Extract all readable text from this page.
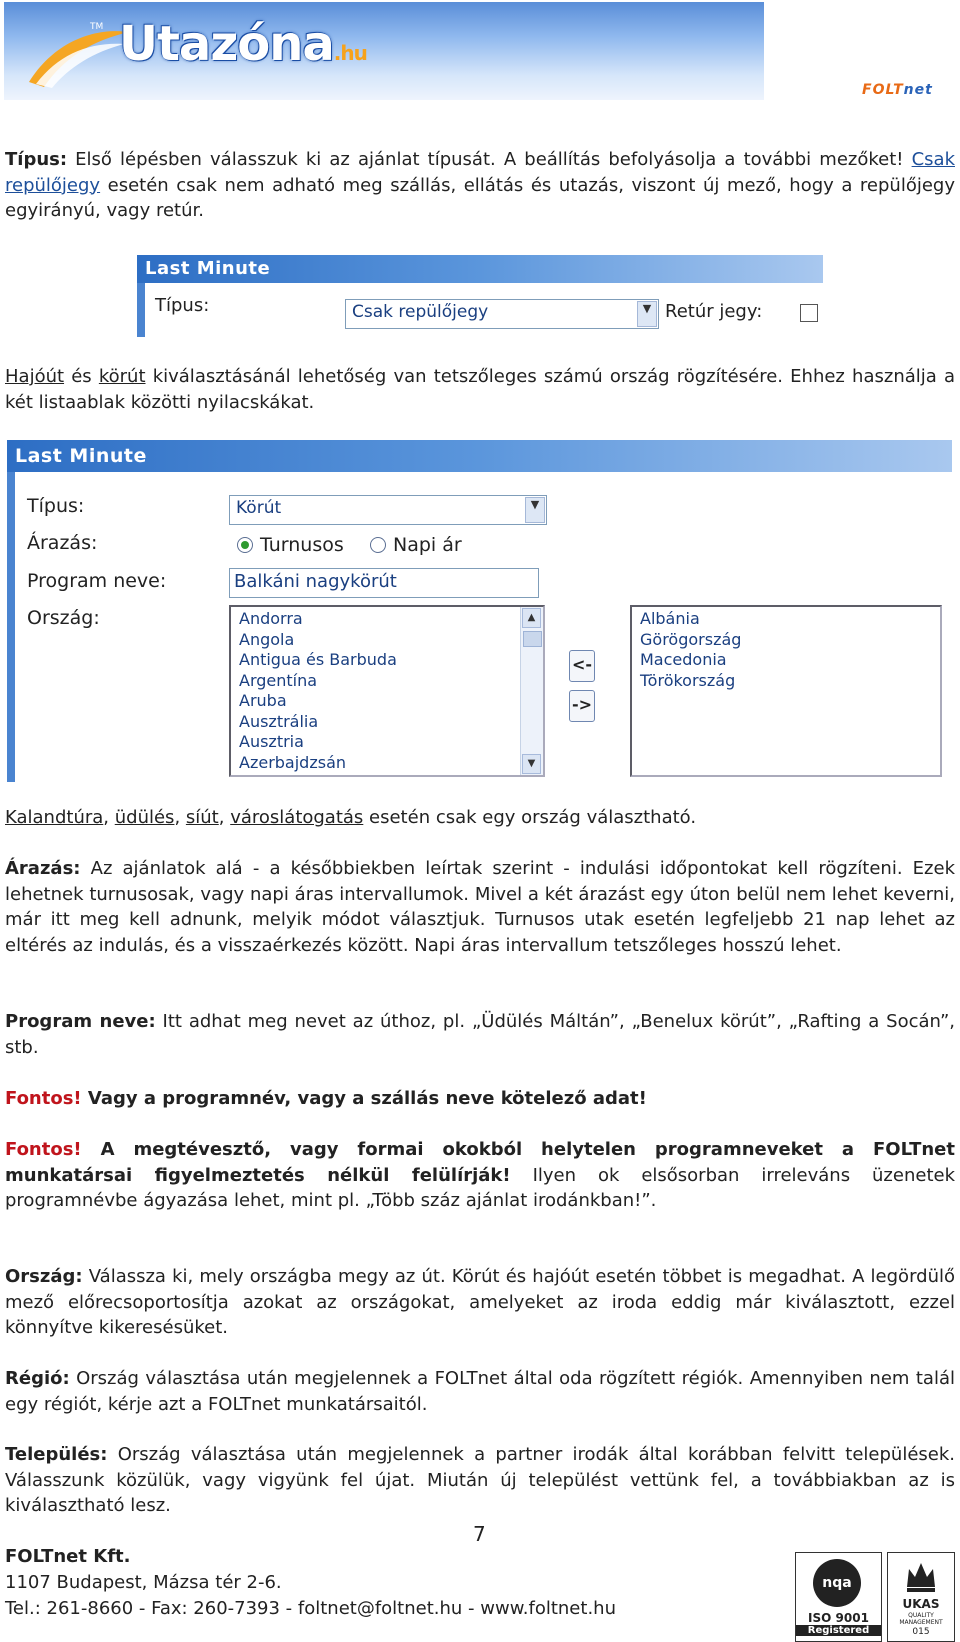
TM Utazóna.hu
FOLTnet

Típus: Első lépésben válasszuk ki az ajánlat típusát. A beállítás befolyásolja a további mezőket! Csak repülőjegy esetén csak nem adható meg szállás, ellátás és utazás, viszont új mező, hogy a repülőjegy egyirányú, vagy retúr.

Last Minute
Típus:	Csak repülőjegy	▼ Retúr jegy:

Hajóút és körút kiválasztásánál lehetőség van tetszőleges számú ország rögzítésére. Ehhez használja a két listaablak közötti nyilacskákat.

Last Minute
Típus:	Körút	▼
Árazás:	Turnusos	Napi ár
Program neve:	Balkáni nagykörút
Ország:	Andorra
Angola
Antigua és Barbuda
Argentína
Aruba
Ausztrália
Ausztria
Azerbajdzsán
▲
▼
<-
->
Albánia
Görögország
Macedonia
Törökország

Kalandtúra, üdülés, síút, városlátogatás esetén csak egy ország választható.

Árazás: Az ajánlatok alá - a későbbiekben leírtak szerint - indulási időpontokat kell rögzíteni. Ezek lehetnek turnusosak, vagy napi áras intervallumok. Mivel a két árazást egy úton belül nem lehet keverni, már itt meg kell adnunk, melyik módot választjuk. Turnusos utak esetén legfeljebb 21 nap lehet az eltérés az indulás, és a visszaérkezés között. Napi áras intervallum tetszőleges hosszú lehet.

Program neve: Itt adhat meg nevet az úthoz, pl. „Üdülés Máltán”, „Benelux körút”, „Rafting a Socán”, stb.

Fontos! Vagy a programnév, vagy a szállás neve kötelező adat!

Fontos! A megtévesztő, vagy formai okokból helytelen programneveket a FOLTnet munkatársai figyelmeztetés nélkül felülírják! Ilyen ok elsősorban irreleváns üzenetek programnévbe ágyazása lehet, mint pl. „Több száz ajánlat irodánkban!”.

Ország: Válassza ki, mely országba megy az út. Körút és hajóút esetén többet is megadhat. A legördülő mező előrecsoportosítja azokat az országokat, amelyeket az iroda eddig már kiválasztott, ezzel könnyítve kikeresésüket.

Régió: Ország választása után megjelennek a FOLTnet által oda rögzített régiók. Amennyiben nem talál egy régiót, kérje azt a FOLTnet munkatársaitól.

Település: Ország választása után megjelennek a partner irodák által korábban felvitt települések. Válasszunk közülük, vagy vigyünk fel újat. Miután új települést vettünk fel, a továbbiakban az is kiválasztható lesz.

7
FOLTnet Kft.
1107 Budapest, Mázsa tér 2-6.
Tel.: 261-8660 - Fax: 260-7393 - foltnet@foltnet.hu - www.foltnet.hu
nqa
ISO 9001
Registered
UKAS
QUALITY MANAGEMENT
015
